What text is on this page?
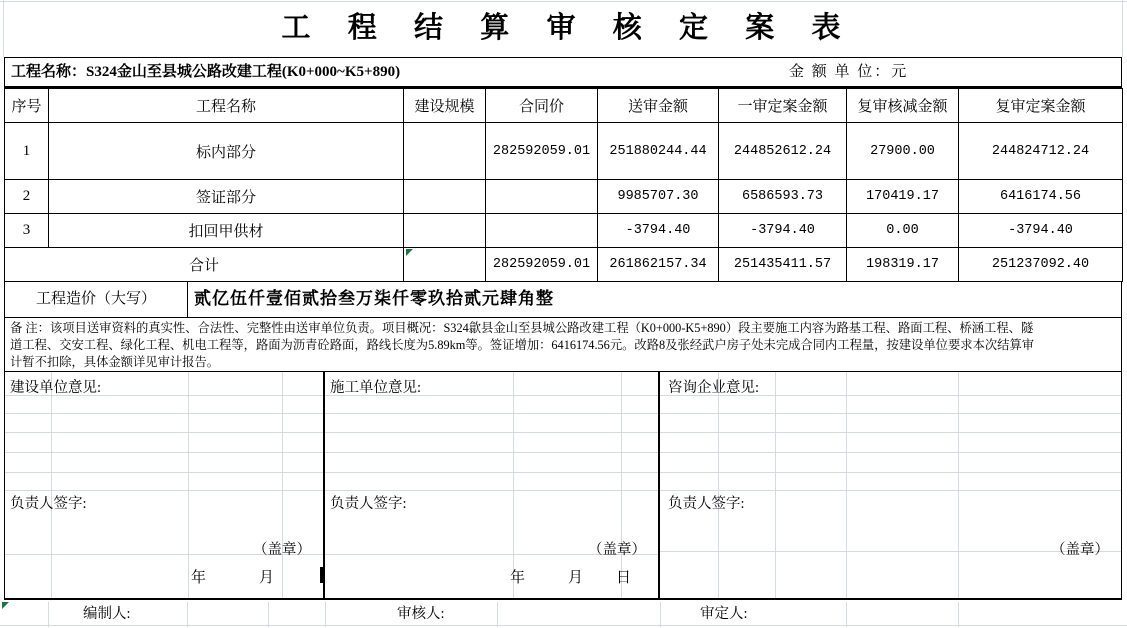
工 程 结 算 审 核 定 案 表
工程名称：S324金山至县城公路改建工程(K0+000~K5+890)	金 额 单 位：元
序号	工程名称	建设规模	合同价	送审金额	一审定案金额	复审核减金额	复审定案金额
1	标内部分		282592059.01	251880244.44	244852612.24	27900.00	244824712.24
2	签证部分			9985707.30	6586593.73	170419.17	6416174.56
3	扣回甲供材			-3794.40	-3794.40	0.00	-3794.40
合计			282592059.01	261862157.34	251435411.57	198319.17	251237092.40
工程造价（大写）	贰亿伍仟壹佰贰拾叁万柒仟零玖拾贰元肆角整
备 注：该项目送审资料的真实性、合法性、完整性由送审单位负责。项目概况：S324歙县金山至县城公路改建工程（K0+000-K5+890）段主要施工内容为路基工程、路面工程、桥涵工程、隧
道工程、交安工程、绿化工程、机电工程等，路面为沥青砼路面，路线长度为5.89km等。签证增加：6416174.56元。改路8及张经武户房子处未完成合同内工程量，按建设单位要求本次结算审
计暂不扣除，具体金额详见审计报告。
建设单位意见:
负责人签字:
（盖章）
年	月
施工单位意见:
负责人签字:
（盖章）
年	月 日
咨询企业意见:
负责人签字:
（盖章）
编制人:	审核人:	审定人:
